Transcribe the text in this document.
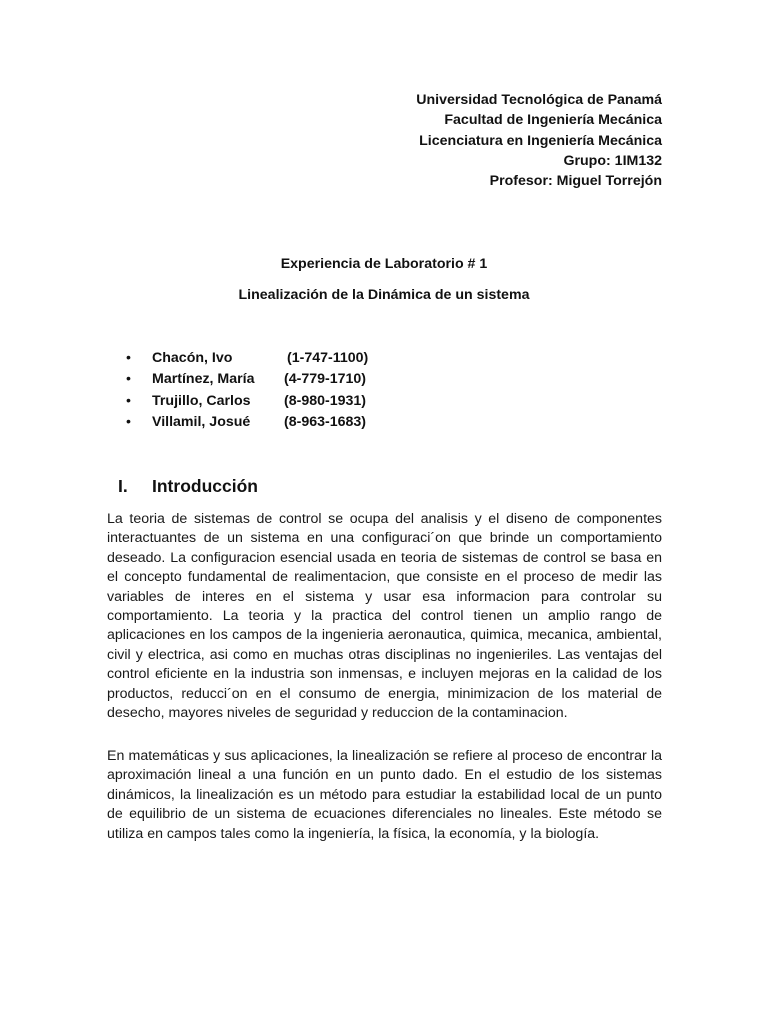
Universidad Tecnológica de Panamá
Facultad de Ingeniería Mecánica
Licenciatura en Ingeniería Mecánica
Grupo: 1IM132
Profesor: Miguel Torrejón
Experiencia de Laboratorio # 1
Linealización de la Dinámica de un sistema
• Chacón, Ivo	(1-747-1100)
• Martínez, María (4-779-1710)
• Trujillo, Carlos (8-980-1931)
• Villamil, Josué (8-963-1683)
I. Introducción

La teoria de sistemas de control se ocupa del analisis y el diseno de componentes interactuantes de un sistema en una configuraci´on que brinde un comportamiento deseado. La configuracion esencial usada en teoria de sistemas de control se basa en el concepto fundamental de realimentacion, que consiste en el proceso de medir las variables de interes en el sistema y usar esa informacion para controlar su comportamiento. La teoria y la practica del control tienen un amplio rango de aplicaciones en los campos de la ingenieria aeronautica, quimica, mecanica, ambiental, civil y electrica, asi como en muchas otras disciplinas no ingenieriles. Las ventajas del control eficiente en la industria son inmensas, e incluyen mejoras en la calidad de los productos, reducci´on en el consumo de energia, minimizacion de los material de desecho, mayores niveles de seguridad y reduccion de la contaminacion.

En matemáticas y sus aplicaciones, la linealización se refiere al proceso de encontrar la aproximación lineal a una función en un punto dado. En el estudio de los sistemas dinámicos, la linealización es un método para estudiar la estabilidad local de un punto de equilibrio de un sistema de ecuaciones diferenciales no lineales. Este método se utiliza en campos tales como la ingeniería, la física, la economía, y la biología.
